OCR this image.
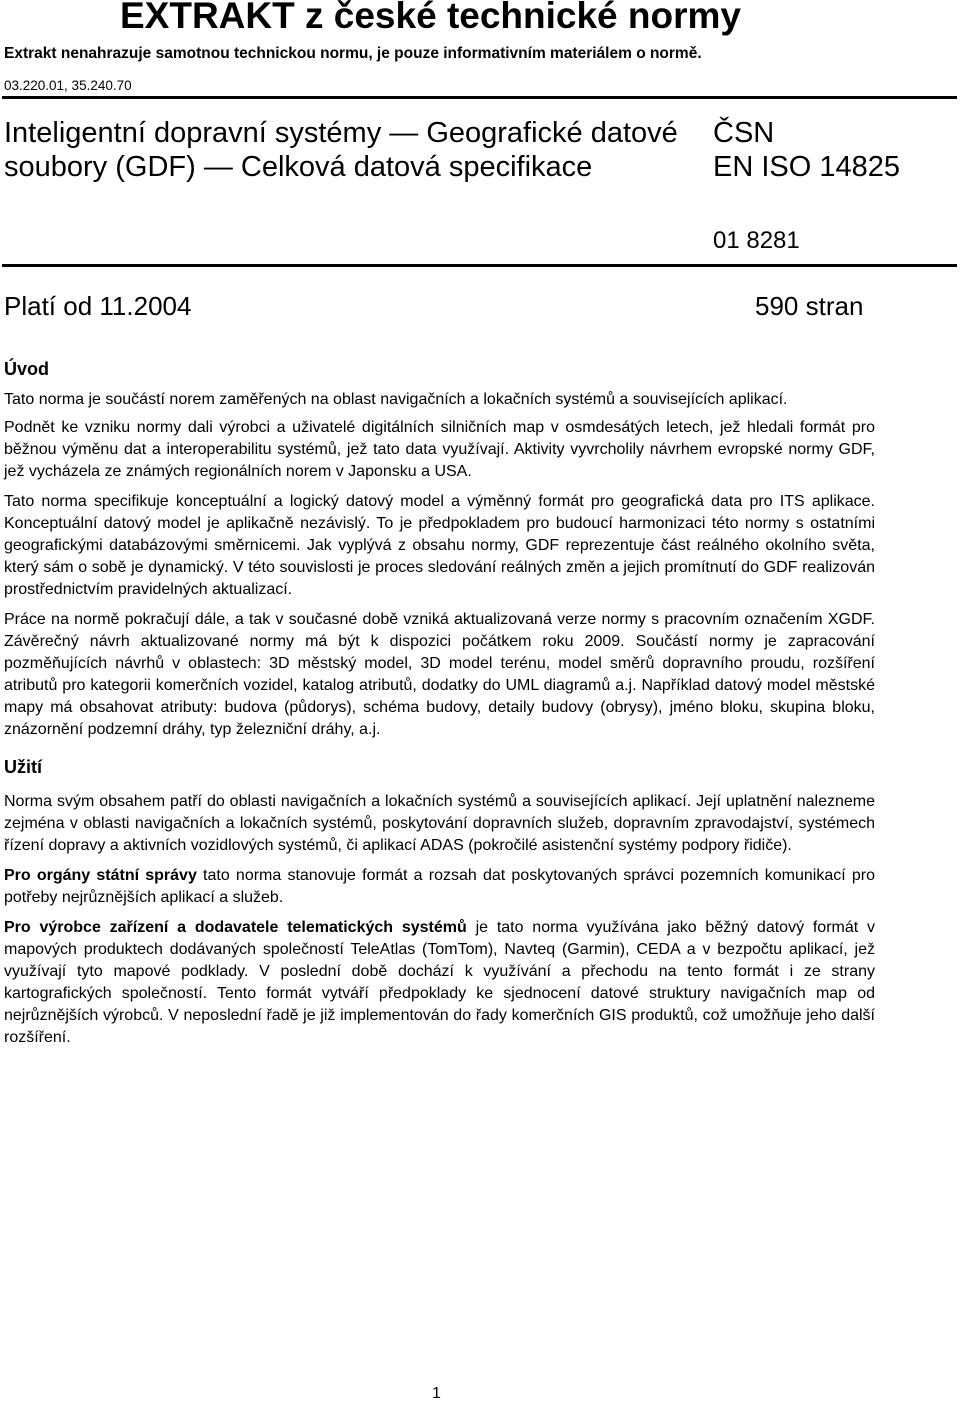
EXTRAKT z české technické normy
Extrakt nenahrazuje samotnou technickou normu, je pouze informativním materiálem o normě.
03.220.01, 35.240.70
Inteligentní dopravní systémy — Geografické datové soubory (GDF) — Celková datová specifikace
ČSN
EN ISO 14825
01 8281
Platí od 11.2004	590 stran
Úvod

Tato norma je součástí norem zaměřených na oblast navigačních a lokačních systémů a souvisejících aplikací.

Podnět ke vzniku normy dali výrobci a uživatelé digitálních silničních map v osmdesátých letech, jež hledali formát pro běžnou výměnu dat a interoperabilitu systémů, jež tato data využívají. Aktivity vyvrcholily návrhem evropské normy GDF, jež vycházela ze známých regionálních norem v Japonsku a USA.

Tato norma specifikuje konceptuální a logický datový model a výměnný formát pro geografická data pro ITS aplikace. Konceptuální datový model je aplikačně nezávislý. To je předpokladem pro budoucí harmonizaci této normy s ostatními geografickými databázovými směrnicemi. Jak vyplývá z obsahu normy, GDF reprezentuje část reálného okolního světa, který sám o sobě je dynamický. V této souvislosti je proces sledování reálných změn a jejich promítnutí do GDF realizován prostřednictvím pravidelných aktualizací.

Práce na normě pokračují dále, a tak v současné době vzniká aktualizovaná verze normy s pracovním označením XGDF. Závěrečný návrh aktualizované normy má být k dispozici počátkem roku 2009. Součástí normy je zapracování pozměňujících návrhů v oblastech: 3D městský model, 3D model terénu, model směrů dopravního proudu, rozšíření atributů pro kategorii komerčních vozidel, katalog atributů, dodatky do UML diagramů a.j. Například datový model městské mapy má obsahovat atributy: budova (půdorys), schéma budovy, detaily budovy (obrysy), jméno bloku, skupina bloku, znázornění podzemní dráhy, typ železniční dráhy, a.j.

Užití

Norma svým obsahem patří do oblasti navigačních a lokačních systémů a souvisejících aplikací. Její uplatnění nalezneme zejména v oblasti navigačních a lokačních systémů, poskytování dopravních služeb, dopravním zpravodajství, systémech řízení dopravy a aktivních vozidlových systémů, či aplikací ADAS (pokročilé asistenční systémy podpory řidiče).

Pro orgány státní správy tato norma stanovuje formát a rozsah dat poskytovaných správci pozemních komunikací pro potřeby nejrůznějších aplikací a služeb.

Pro výrobce zařízení a dodavatele telematických systémů je tato norma využívána jako běžný datový formát v mapových produktech dodávaných společností TeleAtlas (TomTom), Navteq (Garmin), CEDA a v bezpočtu aplikací, jež využívají tyto mapové podklady. V poslední době dochází k využívání a přechodu na tento formát i ze strany kartografických společností. Tento formát vytváří předpoklady ke sjednocení datové struktury navigačních map od nejrůznějších výrobců. V neposlední řadě je již implementován do řady komerčních GIS produktů, což umožňuje jeho další rozšíření.

1
